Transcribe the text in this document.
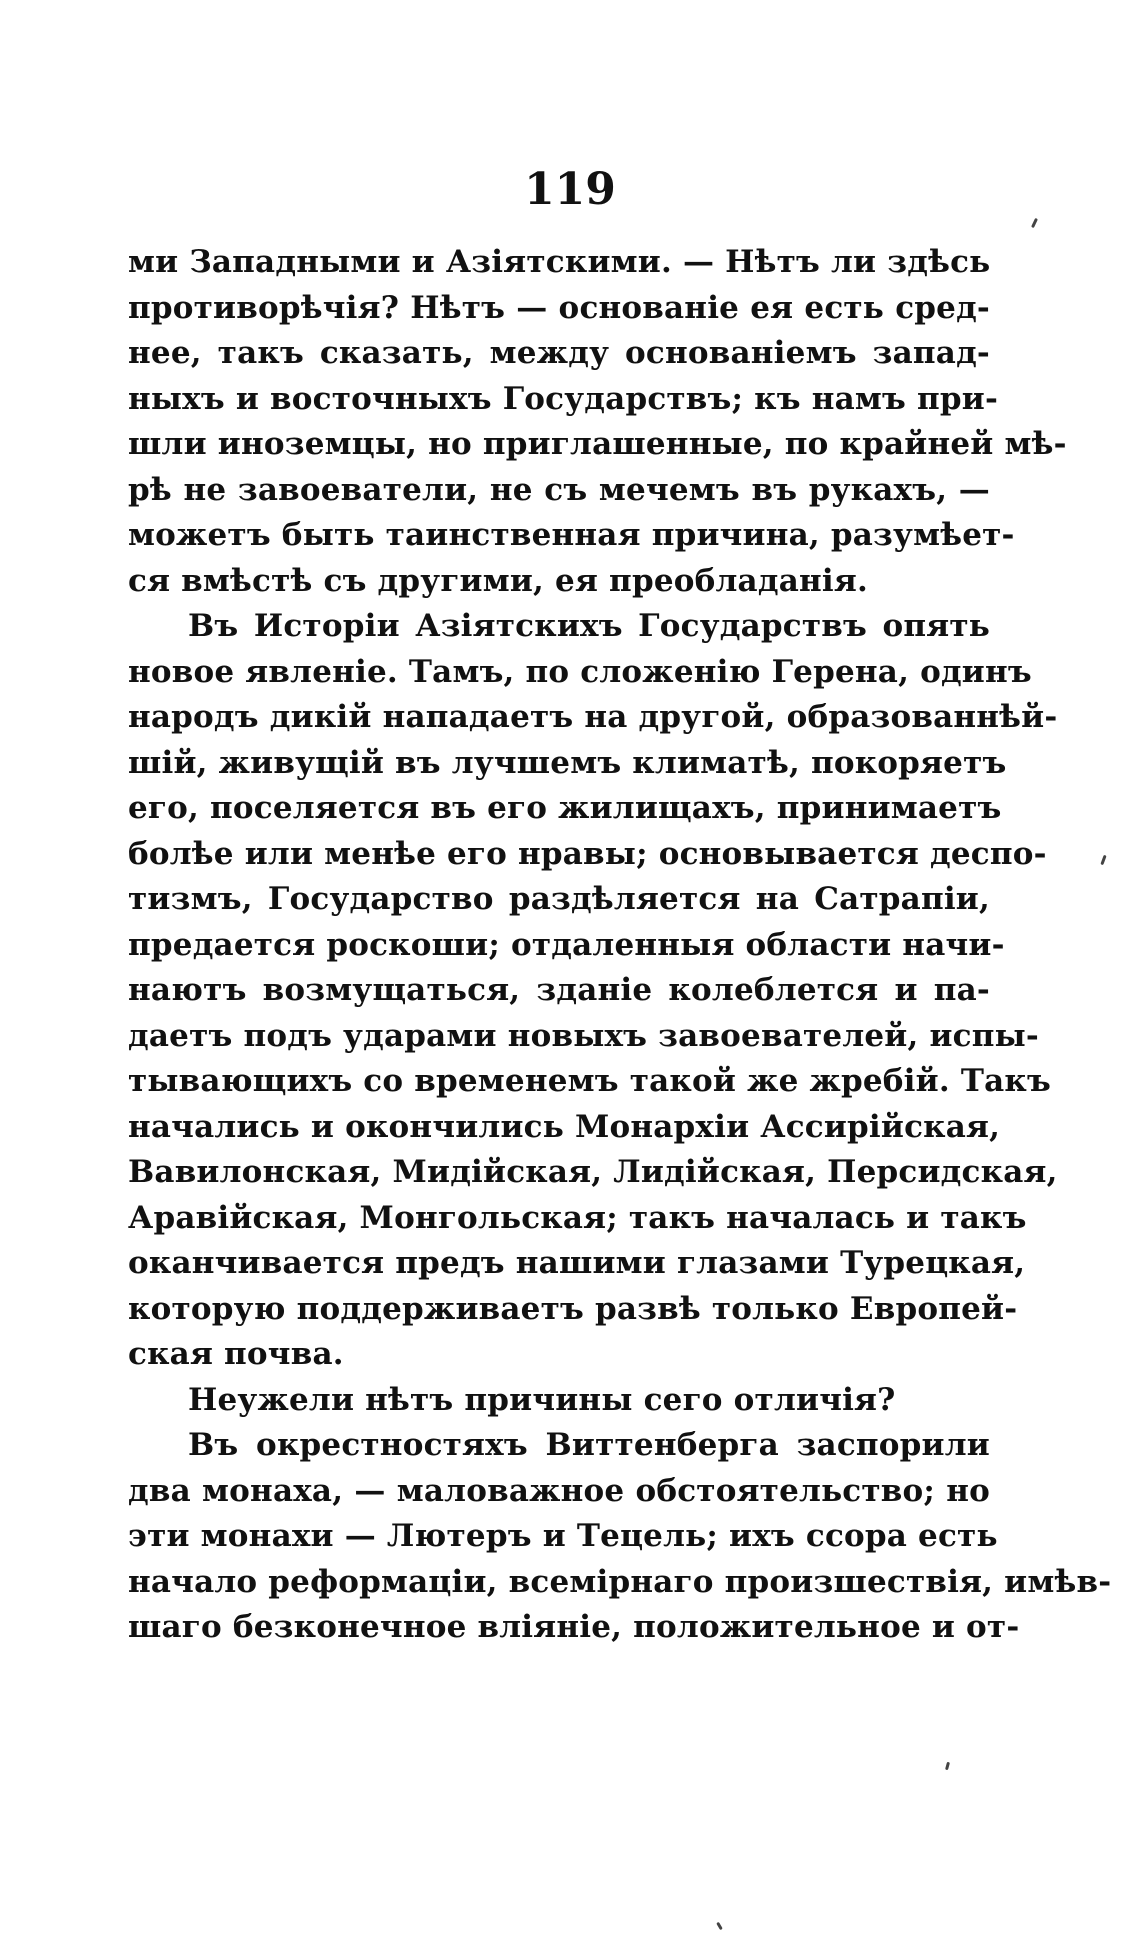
119
ми Западными и Азіятскими. — Нѣтъ ли здѣсь
противорѣчія? Нѣтъ — основаніе ея есть сред-
нее, такъ сказать, между основаніемъ запад-
ныхъ и восточныхъ Государствъ; къ намъ при-
шли иноземцы, но приглашенные, по крайней мѣ-
рѣ не завоеватели, не съ мечемъ въ рукахъ, —
можетъ быть таинственная причина, разумѣет-
ся вмѣстѣ съ другими, ея преобладанія.
Въ Исторіи Азіятскихъ Государствъ опять
новое явленіе. Тамъ, по сложенію Герена, одинъ
народъ дикій нападаетъ на другой, образованнѣй-
шій, живущій въ лучшемъ климатѣ, покоряетъ
его, поселяется въ его жилищахъ, принимаетъ
болѣе или менѣе его нравы; основывается деспо-
тизмъ, Государство раздѣляется на Сатрапіи,
предается роскоши; отдаленныя области начи-
наютъ возмущаться, зданіе колеблется и па-
даетъ подъ ударами новыхъ завоевателей, испы-
тывающихъ со временемъ такой же жребій. Такъ
начались и окончились Монархіи Ассирійская,
Вавилонская, Мидійская, Лидійская, Персидская,
Аравійская, Монгольская; такъ началась и такъ
оканчивается предъ нашими глазами Турецкая,
которую поддерживаетъ развѣ только Европей-
ская почва.
Неужели нѣтъ причины сего отличія?
Въ окрестностяхъ Виттенберга заспорили
два монаха, — маловажное обстоятельство; но
эти монахи — Лютеръ и Тецель; ихъ ссора есть
начало реформаціи, всемірнаго произшествія, имѣв-
шаго безконечное вліяніе, положительное и от-
